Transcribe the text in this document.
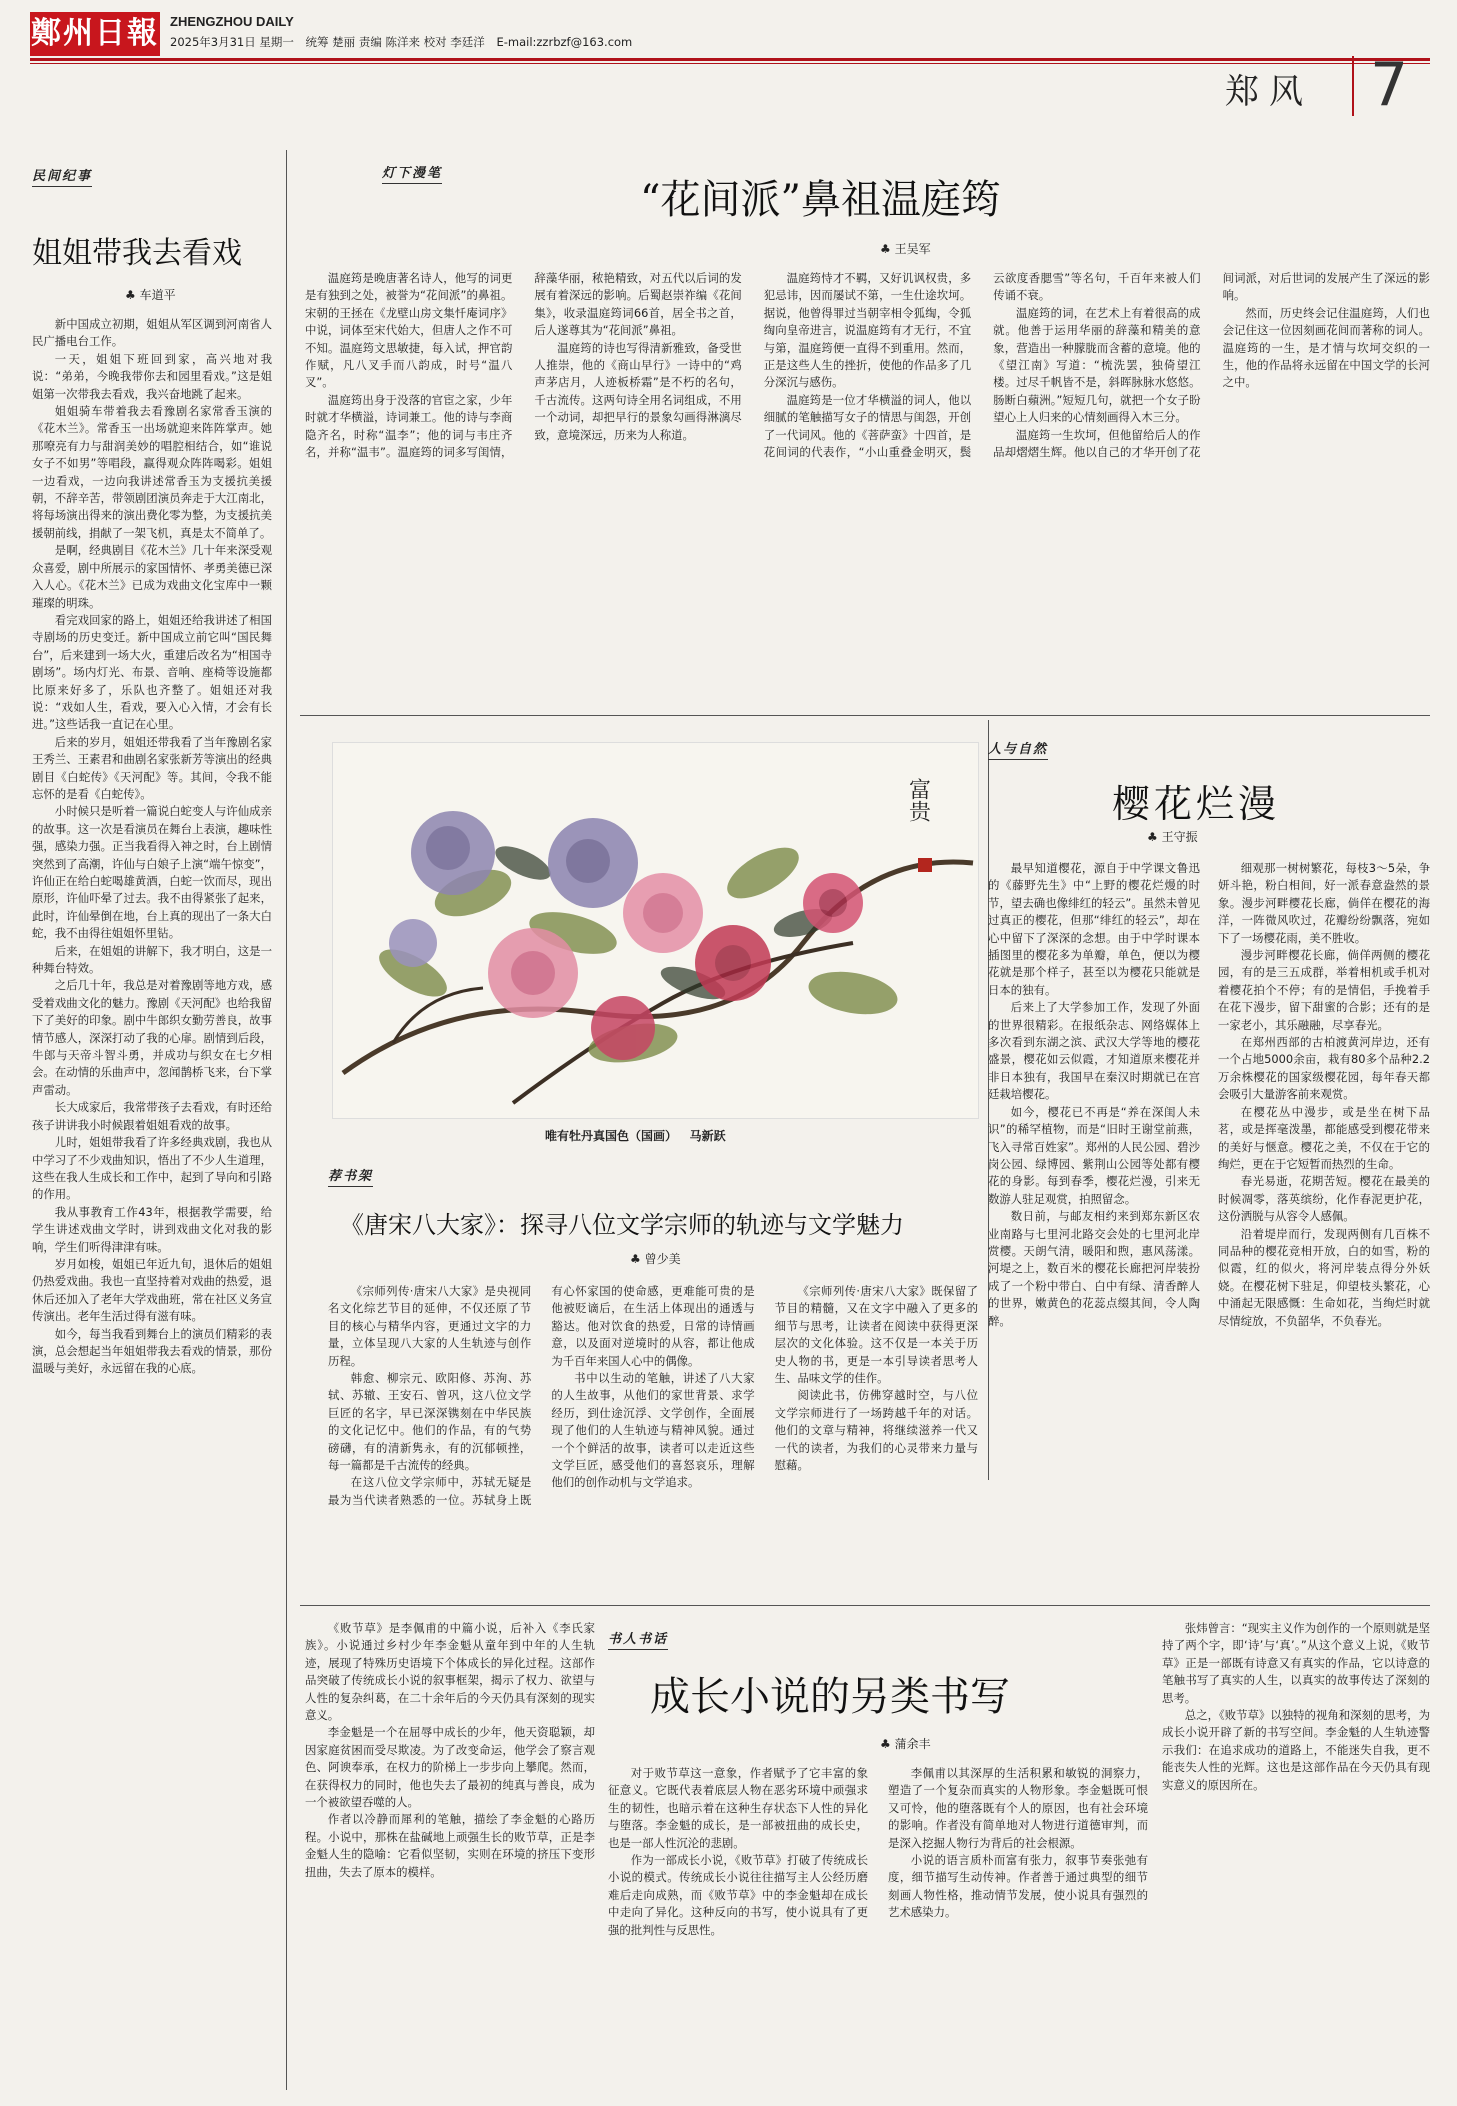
鄭州日報 ZHENGZHOU DAILY
2025年3月31日 星期一 统筹 楚丽 责编 陈洋来 校对 李廷洋 E-mail:zzrbzf@163.com
郑风 7
民间纪事
姐姐带我去看戏
♣ 车道平

新中国成立初期，姐姐从军区调到河南省人民广播电台工作。

一天，姐姐下班回到家，高兴地对我说：“弟弟，今晚我带你去和园里看戏。”这是姐姐第一次带我去看戏，我兴奋地跳了起来。

姐姐骑车带着我去看豫剧名家常香玉演的《花木兰》。常香玉一出场就迎来阵阵掌声。她那嘹亮有力与甜润美妙的唱腔相结合，如“谁说女子不如男”等唱段，赢得观众阵阵喝彩。姐姐一边看戏，一边向我讲述常香玉为支援抗美援朝，不辞辛苦，带领剧团演员奔走于大江南北，将每场演出得来的演出费化零为整，为支援抗美援朝前线，捐献了一架飞机，真是太不简单了。

是啊，经典剧目《花木兰》几十年来深受观众喜爱，剧中所展示的家国情怀、孝勇美德已深入人心。《花木兰》已成为戏曲文化宝库中一颗璀璨的明珠。

看完戏回家的路上，姐姐还给我讲述了相国寺剧场的历史变迁。新中国成立前它叫“国民舞台”，后来建到一场大火，重建后改名为“相国寺剧场”。场内灯光、布景、音响、座椅等设施都比原来好多了，乐队也齐整了。姐姐还对我说：“戏如人生，看戏，要入心入情，才会有长进。”这些话我一直记在心里。

后来的岁月，姐姐还带我看了当年豫剧名家王秀兰、王素君和曲剧名家张新芳等演出的经典剧目《白蛇传》《天河配》等。其间，令我不能忘怀的是看《白蛇传》。

小时候只是听着一篇说白蛇变人与许仙成亲的故事。这一次是看演员在舞台上表演，趣味性强，感染力强。正当我看得入神之时，台上剧情突然到了高潮，许仙与白娘子上演“端午惊变”，许仙正在给白蛇喝雄黄酒，白蛇一饮而尽，现出原形，许仙吓晕了过去。我不由得紧张了起来，此时，许仙晕倒在地，台上真的现出了一条大白蛇，我不由得往姐姐怀里钻。

后来，在姐姐的讲解下，我才明白，这是一种舞台特效。

之后几十年，我总是对着豫剧等地方戏，感受着戏曲文化的魅力。豫剧《天河配》也给我留下了美好的印象。剧中牛郎织女勤劳善良，故事情节感人，深深打动了我的心扉。剧情到后段，牛郎与天帝斗智斗勇，并成功与织女在七夕相会。在动情的乐曲声中，忽闻鹊桥飞来，台下掌声雷动。

长大成家后，我常带孩子去看戏，有时还给孩子讲讲我小时候跟着姐姐看戏的故事。

儿时，姐姐带我看了许多经典戏剧，我也从中学习了不少戏曲知识，悟出了不少人生道理，这些在我人生成长和工作中，起到了导向和引路的作用。

我从事教育工作43年，根据教学需要，给学生讲述戏曲文学时，讲到戏曲文化对我的影响，学生们听得津津有味。

岁月如梭，姐姐已年近九旬，退休后的姐姐仍热爱戏曲。我也一直坚持着对戏曲的热爱，退休后还加入了老年大学戏曲班，常在社区义务宣传演出。老年生活过得有滋有味。

如今，每当我看到舞台上的演员们精彩的表演，总会想起当年姐姐带我去看戏的情景，那份温暖与美好，永远留在我的心底。

灯下漫笔
“花间派”鼻祖温庭筠
♣ 王吴军

温庭筠是晚唐著名诗人，他写的词更是有独到之处，被誉为“花间派”的鼻祖。宋朝的王拯在《龙壁山房文集忏庵词序》中说，词体至宋代始大，但唐人之作不可不知。温庭筠文思敏捷，每入试，押官韵作赋，凡八叉手而八韵成，时号“温八叉”。

温庭筠出身于没落的官宦之家，少年时就才华横溢，诗词兼工。他的诗与李商隐齐名，时称“温李”；他的词与韦庄齐名，并称“温韦”。温庭筠的词多写闺情，辞藻华丽，秾艳精致，对五代以后词的发展有着深远的影响。后蜀赵崇祚编《花间集》，收录温庭筠词66首，居全书之首，后人遂尊其为“花间派”鼻祖。

温庭筠的诗也写得清新雅致，备受世人推崇，他的《商山早行》一诗中的“鸡声茅店月，人迹板桥霜”是不朽的名句，千古流传。这两句诗全用名词组成，不用一个动词，却把早行的景象勾画得淋漓尽致，意境深远，历来为人称道。

温庭筠恃才不羁，又好讥讽权贵，多犯忌讳，因而屡试不第，一生仕途坎坷。据说，他曾得罪过当朝宰相令狐绹，令狐绹向皇帝进言，说温庭筠有才无行，不宜与第，温庭筠便一直得不到重用。然而，正是这些人生的挫折，使他的作品多了几分深沉与感伤。

温庭筠是一位才华横溢的词人，他以细腻的笔触描写女子的情思与闺怨，开创了一代词风。他的《菩萨蛮》十四首，是花间词的代表作，“小山重叠金明灭，鬓云欲度香腮雪”等名句，千百年来被人们传诵不衰。

温庭筠的词，在艺术上有着很高的成就。他善于运用华丽的辞藻和精美的意象，营造出一种朦胧而含蓄的意境。他的《望江南》写道：“梳洗罢，独倚望江楼。过尽千帆皆不是，斜晖脉脉水悠悠。肠断白蘋洲。”短短几句，就把一个女子盼望心上人归来的心情刻画得入木三分。

温庭筠一生坎坷，但他留给后人的作品却熠熠生辉。他以自己的才华开创了花间词派，对后世词的发展产生了深远的影响。

然而，历史终会记住温庭筠，人们也会记住这一位因刻画花间而著称的词人。温庭筠的一生，是才情与坎坷交织的一生，他的作品将永远留在中国文学的长河之中。

富贵
唯有牡丹真国色（国画） 马新跃
人与自然
樱花烂漫
♣ 王守振

最早知道樱花，源自于中学课文鲁迅的《藤野先生》中“上野的樱花烂熳的时节，望去确也像绯红的轻云”。虽然未曾见过真正的樱花，但那“绯红的轻云”，却在心中留下了深深的念想。由于中学时课本插图里的樱花多为单瓣，单色，便以为樱花就是那个样子，甚至以为樱花只能就是日本的独有。

后来上了大学参加工作，发现了外面的世界很精彩。在报纸杂志、网络媒体上多次看到东湖之滨、武汉大学等地的樱花盛景，樱花如云似霞，才知道原来樱花并非日本独有，我国早在秦汉时期就已在宫廷栽培樱花。

如今，樱花已不再是“养在深闺人未识”的稀罕植物，而是“旧时王谢堂前燕，飞入寻常百姓家”。郑州的人民公园、碧沙岗公园、绿博园、紫荆山公园等处都有樱花的身影。每到春季，樱花烂漫，引来无数游人驻足观赏，拍照留念。

数日前，与邮友相约来到郑东新区农业南路与七里河北路交会处的七里河北岸赏樱。天朗气清，暖阳和煦，惠风荡漾。河堤之上，数百米的樱花长廊把河岸装扮成了一个粉中带白、白中有绿、清香醉人的世界，嫩黄色的花蕊点缀其间，令人陶醉。

细观那一树树繁花，每枝3～5朵，争妍斗艳，粉白相间，好一派春意盎然的景象。漫步河畔樱花长廊，倘佯在樱花的海洋，一阵微风吹过，花瓣纷纷飘落，宛如下了一场樱花雨，美不胜收。

漫步河畔樱花长廊，倘佯两侧的樱花园，有的是三五成群，举着相机或手机对着樱花拍个不停；有的是情侣，手挽着手在花下漫步，留下甜蜜的合影；还有的是一家老小，其乐融融，尽享春光。

在郑州西部的古柏渡黄河岸边，还有一个占地5000余亩，栽有80多个品种2.2万余株樱花的国家级樱花园，每年春天都会吸引大量游客前来观赏。

在樱花丛中漫步，或是坐在树下品茗，或是挥毫泼墨，都能感受到樱花带来的美好与惬意。樱花之美，不仅在于它的绚烂，更在于它短暂而热烈的生命。

春光易逝，花期苦短。樱花在最美的时候凋零，落英缤纷，化作春泥更护花，这份洒脱与从容令人感佩。

沿着堤岸而行，发现两侧有几百株不同品种的樱花竞相开放，白的如雪，粉的似霞，红的似火，将河岸装点得分外妖娆。在樱花树下驻足，仰望枝头繁花，心中涌起无限感慨：生命如花，当绚烂时就尽情绽放，不负韶华，不负春光。

荐书架
《唐宋八大家》：探寻八位文学宗师的轨迹与文学魅力
♣ 曾少美

《宗师列传·唐宋八大家》是央视同名文化综艺节目的延伸，不仅还原了节目的核心与精华内容，更通过文字的力量，立体呈现八大家的人生轨迹与创作历程。

韩愈、柳宗元、欧阳修、苏洵、苏轼、苏辙、王安石、曾巩，这八位文学巨匠的名字，早已深深镌刻在中华民族的文化记忆中。他们的作品，有的气势磅礴，有的清新隽永，有的沉郁顿挫，每一篇都是千古流传的经典。

在这八位文学宗师中，苏轼无疑是最为当代读者熟悉的一位。苏轼身上既有心怀家国的使命感，更难能可贵的是他被贬谪后，在生活上体现出的通透与豁达。他对饮食的热爱，日常的诗情画意，以及面对逆境时的从容，都让他成为千百年来国人心中的偶像。

书中以生动的笔触，讲述了八大家的人生故事，从他们的家世背景、求学经历，到仕途沉浮、文学创作，全面展现了他们的人生轨迹与精神风貌。通过一个个鲜活的故事，读者可以走近这些文学巨匠，感受他们的喜怒哀乐，理解他们的创作动机与文学追求。

《宗师列传·唐宋八大家》既保留了节目的精髓，又在文字中融入了更多的细节与思考，让读者在阅读中获得更深层次的文化体验。这不仅是一本关于历史人物的书，更是一本引导读者思考人生、品味文学的佳作。

阅读此书，仿佛穿越时空，与八位文学宗师进行了一场跨越千年的对话。他们的文章与精神，将继续滋养一代又一代的读者，为我们的心灵带来力量与慰藉。

书人书话
成长小说的另类书写
♣ 蒲余丰

《败节草》是李佩甫的中篇小说，后补入《李氏家族》。小说通过乡村少年李金魁从童年到中年的人生轨迹，展现了特殊历史语境下个体成长的异化过程。这部作品突破了传统成长小说的叙事框架，揭示了权力、欲望与人性的复杂纠葛，在二十余年后的今天仍具有深刻的现实意义。

李金魁是一个在屈辱中成长的少年，他天资聪颖，却因家庭贫困而受尽欺凌。为了改变命运，他学会了察言观色、阿谀奉承，在权力的阶梯上一步步向上攀爬。然而，在获得权力的同时，他也失去了最初的纯真与善良，成为一个被欲望吞噬的人。

作者以冷静而犀利的笔触，描绘了李金魁的心路历程。小说中，那株在盐碱地上顽强生长的败节草，正是李金魁人生的隐喻：它看似坚韧，实则在环境的挤压下变形扭曲，失去了原本的模样。

对于败节草这一意象，作者赋予了它丰富的象征意义。它既代表着底层人物在恶劣环境中顽强求生的韧性，也暗示着在这种生存状态下人性的异化与堕落。李金魁的成长，是一部被扭曲的成长史，也是一部人性沉沦的悲剧。

作为一部成长小说，《败节草》打破了传统成长小说的模式。传统成长小说往往描写主人公经历磨难后走向成熟，而《败节草》中的李金魁却在成长中走向了异化。这种反向的书写，使小说具有了更强的批判性与反思性。

李佩甫以其深厚的生活积累和敏锐的洞察力，塑造了一个复杂而真实的人物形象。李金魁既可恨又可怜，他的堕落既有个人的原因，也有社会环境的影响。作者没有简单地对人物进行道德审判，而是深入挖掘人物行为背后的社会根源。

小说的语言质朴而富有张力，叙事节奏张弛有度，细节描写生动传神。作者善于通过典型的细节刻画人物性格，推动情节发展，使小说具有强烈的艺术感染力。

张炜曾言：“现实主义作为创作的一个原则就是坚持了两个字，即‘诗’与‘真’。”从这个意义上说，《败节草》正是一部既有诗意又有真实的作品，它以诗意的笔触书写了真实的人生，以真实的故事传达了深刻的思考。

总之，《败节草》以独特的视角和深刻的思考，为成长小说开辟了新的书写空间。李金魁的人生轨迹警示我们：在追求成功的道路上，不能迷失自我，更不能丧失人性的光辉。这也是这部作品在今天仍具有现实意义的原因所在。
